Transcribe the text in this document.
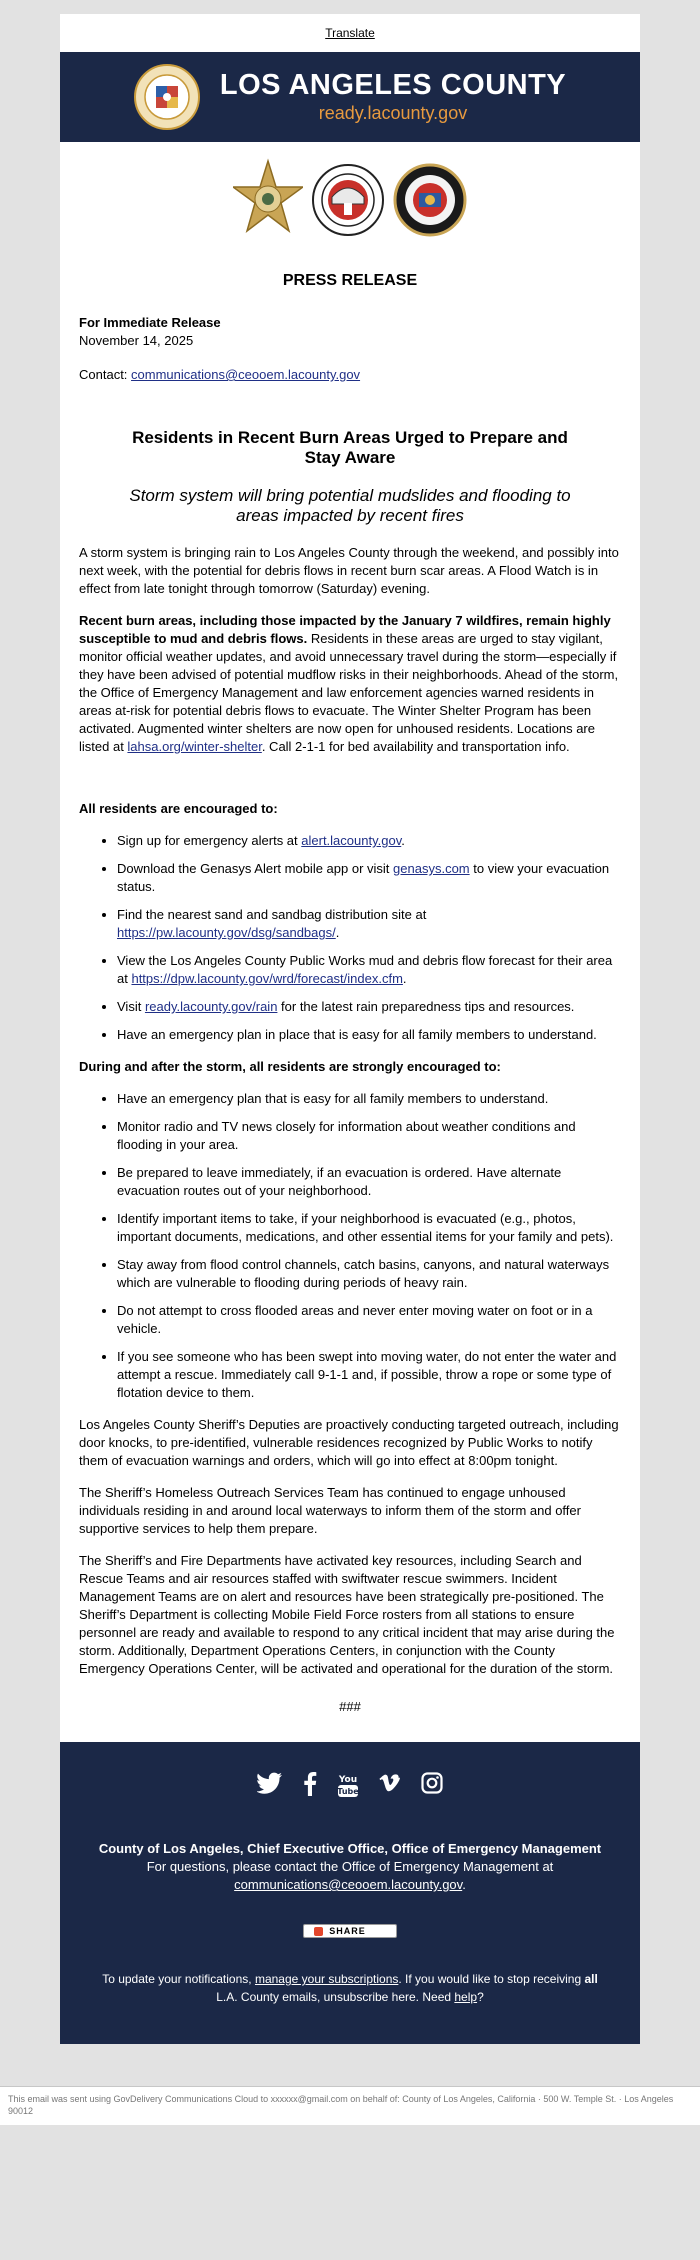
Translate
LOS ANGELES COUNTY
ready.lacounty.gov
PRESS RELEASE

For Immediate Release

November 14, 2025

Contact: communications@ceooem.lacounty.gov

Residents in Recent Burn Areas Urged to Prepare and Stay Aware
Storm system will bring potential mudslides and flooding to areas impacted by recent fires

A storm system is bringing rain to Los Angeles County through the weekend, and possibly into next week, with the potential for debris flows in recent burn scar areas. A Flood Watch is in effect from late tonight through tomorrow (Saturday) evening.

Recent burn areas, including those impacted by the January 7 wildfires, remain highly susceptible to mud and debris flows. Residents in these areas are urged to stay vigilant, monitor official weather updates, and avoid unnecessary travel during the storm—especially if they have been advised of potential mudflow risks in their neighborhoods. Ahead of the storm, the Office of Emergency Management and law enforcement agencies warned residents in areas at-risk for potential debris flows to evacuate. The Winter Shelter Program has been activated. Augmented winter shelters are now open for unhoused residents. Locations are listed at lahsa.org/winter-shelter. Call 2-1-1 for bed availability and transportation info.

All residents are encouraged to:
• Sign up for emergency alerts at alert.lacounty.gov.
• Download the Genasys Alert mobile app or visit genasys.com to view your evacuation status.
• Find the nearest sand and sandbag distribution site at https://pw.lacounty.gov/dsg/sandbags/.
• View the Los Angeles County Public Works mud and debris flow forecast for their area at https://dpw.lacounty.gov/wrd/forecast/index.cfm.
• Visit ready.lacounty.gov/rain for the latest rain preparedness tips and resources.
• Have an emergency plan in place that is easy for all family members to understand.
During and after the storm, all residents are strongly encouraged to:
• Have an emergency plan that is easy for all family members to understand.
• Monitor radio and TV news closely for information about weather conditions and flooding in your area.
• Be prepared to leave immediately, if an evacuation is ordered. Have alternate evacuation routes out of your neighborhood.
• Identify important items to take, if your neighborhood is evacuated (e.g., photos, important documents, medications, and other essential items for your family and pets).
• Stay away from flood control channels, catch basins, canyons, and natural waterways which are vulnerable to flooding during periods of heavy rain.
• Do not attempt to cross flooded areas and never enter moving water on foot or in a vehicle.
• If you see someone who has been swept into moving water, do not enter the water and attempt a rescue. Immediately call 9-1-1 and, if possible, throw a rope or some type of flotation device to them.

Los Angeles County Sheriff’s Deputies are proactively conducting targeted outreach, including door knocks, to pre-identified, vulnerable residences recognized by Public Works to notify them of evacuation warnings and orders, which will go into effect at 8:00pm tonight.

The Sheriff’s Homeless Outreach Services Team has continued to engage unhoused individuals residing in and around local waterways to inform them of the storm and offer supportive services to help them prepare.

The Sheriff’s and Fire Departments have activated key resources, including Search and Rescue Teams and air resources staffed with swiftwater rescue swimmers. Incident Management Teams are on alert and resources have been strategically pre-positioned. The Sheriff’s Department is collecting Mobile Field Force rosters from all stations to ensure personnel are ready and available to respond to any critical incident that may arise during the storm. Additionally, Department Operations Centers, in conjunction with the County Emergency Operations Center, will be activated and operational for the duration of the storm.

###
You
Tube
County of Los Angeles, Chief Executive Office, Office of Emergency Management
For questions, please contact the Office of Emergency Management at
communications@ceooem.lacounty.gov.
SHARE
To update your notifications, manage your subscriptions. If you would like to stop receiving all L.A. County emails, unsubscribe here. Need help?
This email was sent using GovDelivery Communications Cloud to xxxxxx@gmail.com on behalf of: County of Los Angeles, California · 500 W. Temple St. · Los Angeles 90012
